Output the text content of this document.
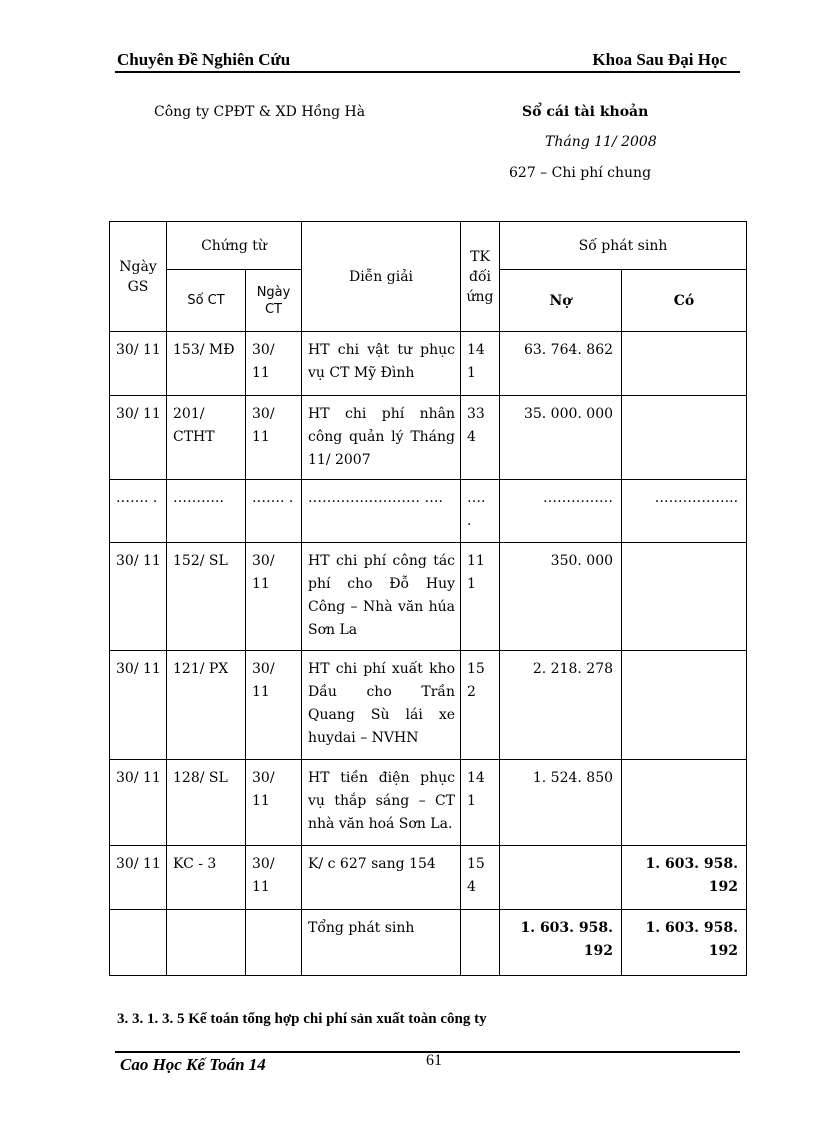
Chuyên Đề Nghiên Cứu	Khoa Sau Đại Học
Công ty CPĐT & XD Hồng Hà	Sổ cái tài khoản
Tháng 11/ 2008
627 – Chi phí chung
Ngày GS	Chứng từ		Diễn giải	TK đối ứng	Số phát sinh	
	Số CT	Ngày CT			Nợ	Có
30/ 11	153/ MĐ	30/ 11	HT chi vật tư phục vụ CT Mỹ Đình	14 1	63. 764. 862	
30/ 11	201/ CTHT	30/ 11	HT chi phí nhân công quản lý Tháng 11/ 2007	33 4	35. 000. 000	
……. .	………..	……. .	…………………… ….	…. .	……………	……………...
30/ 11	152/ SL	30/ 11	HT chi phí công tác phí cho Đỗ Huy Công – Nhà văn húa Sơn La	11 1	350. 000	
30/ 11	121/ PX	30/ 11	HT chi phí xuất kho Dầu cho Trần Quang Sù lái xe huydai – NVHN	15 2	2. 218. 278	
30/ 11	128/ SL	30/ 11	HT tiền điện phục vụ thắp sáng – CT nhà văn hoá Sơn La.	14 1	1. 524. 850	
30/ 11	KC - 3	30/ 11	K/ c 627 sang 154	15 4		1. 603. 958. 192
			Tổng phát sinh		1. 603. 958. 192	1. 603. 958. 192
3. 3. 1. 3. 5 Kế toán tổng hợp chi phí sản xuất toàn công ty
Cao Học Kế Toán 14	61
